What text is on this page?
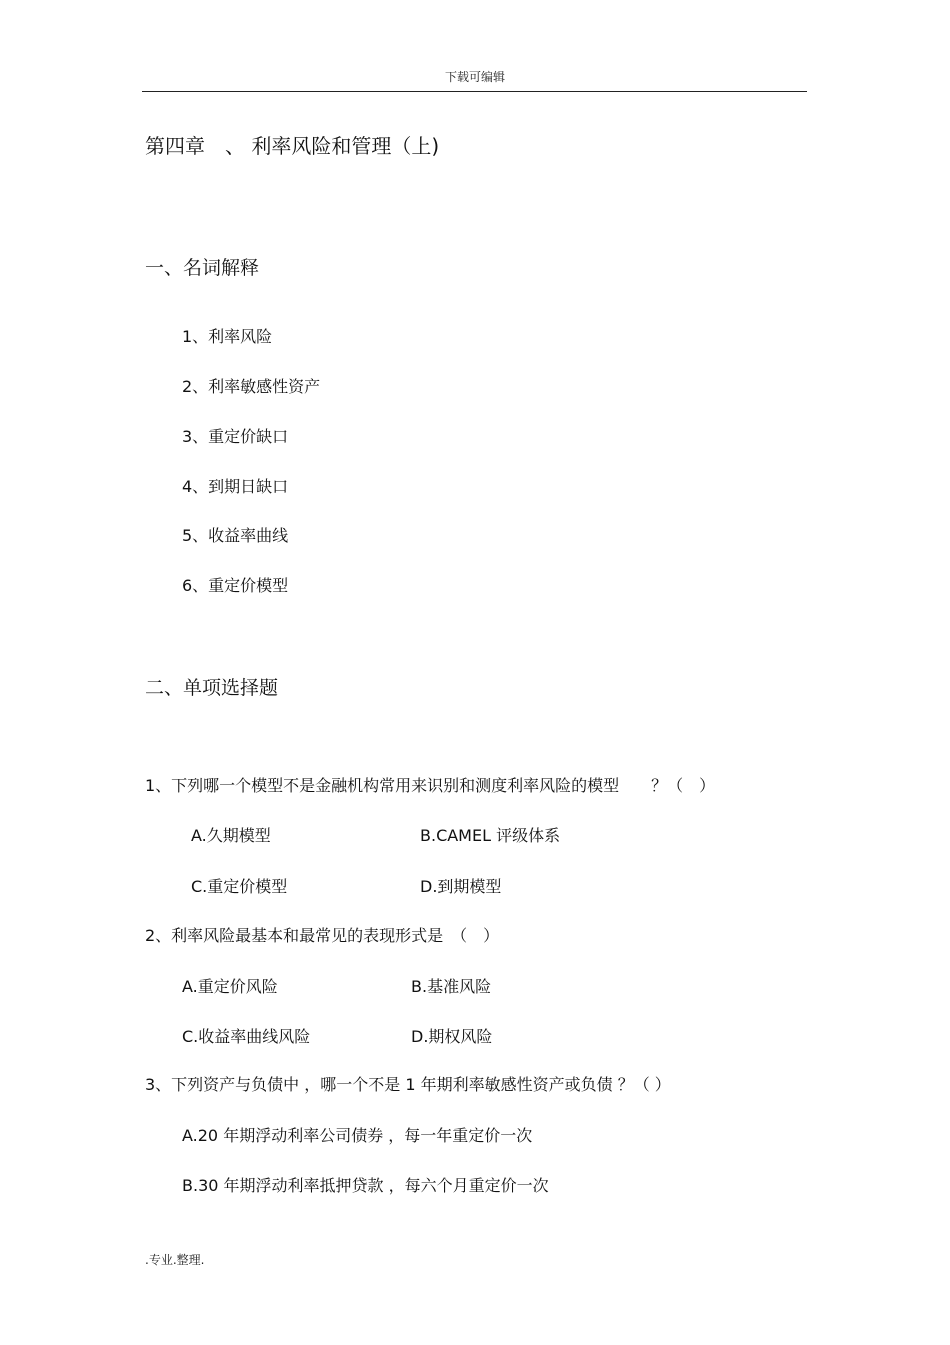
下载可编辑
第四章　、 利率风险和管理（上)
一、名词解释
1、利率风险
2、利率敏感性资产
3、重定价缺口
4、到期日缺口
5、收益率曲线
6、重定价模型
二、单项选择题
1、下列哪一个模型不是金融机构常用来识别和测度利率风险的模型　　？（　）
A.久期模型	B.CAMEL 评级体系
C.重定价模型	D.到期模型
2、利率风险最基本和最常见的表现形式是　（　）
A.重定价风险	B.基准风险
C.收益率曲线风险	D.期权风险
3、下列资产与负债中 ，哪一个不是 1 年期利率敏感性资产或负债 ？（ ）
A.20 年期浮动利率公司债券 ，每一年重定价一次
B.30 年期浮动利率抵押贷款 ，每六个月重定价一次
.专业.整理.
